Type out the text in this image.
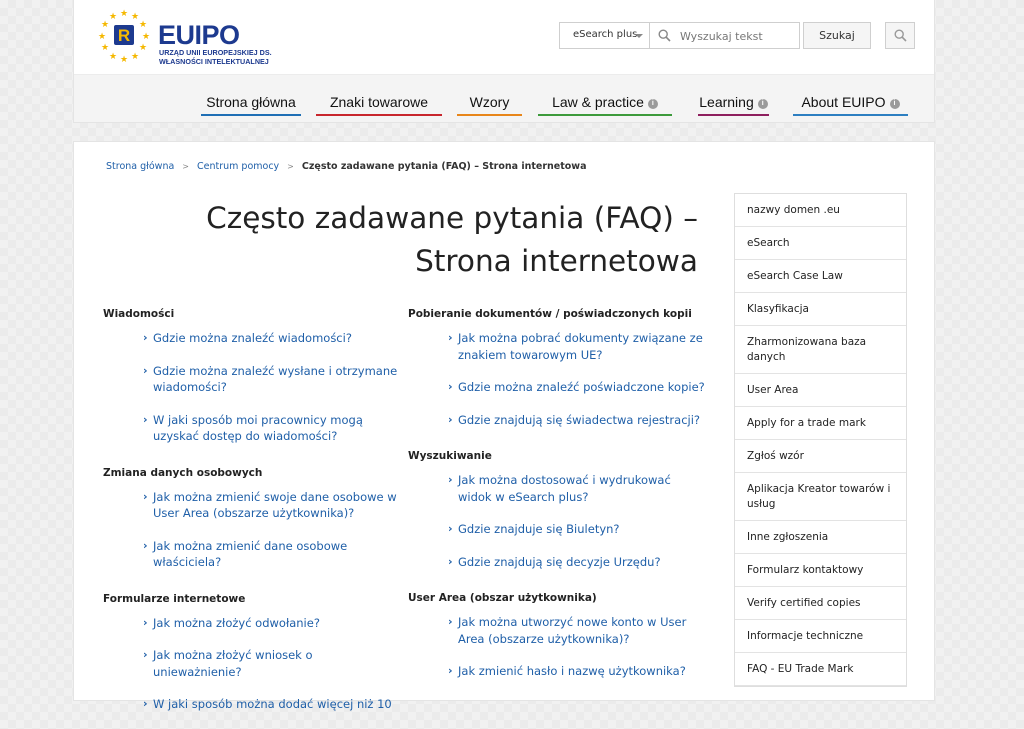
★ ★
★
★
★
★
★
★
★
★
★
★
R EUIPO
URZĄD UNII EUROPEJSKIEJ DS.
WŁASNOŚCI INTELEKTUALNEJ
eSearch plus
Wyszukaj tekst	Szukaj
Strona główna	Znaki towarowe	Wzory	Law & practice i	Learning i	About EUIPO i
Strona główna > Centrum pomocy > Często zadawane pytania (FAQ) – Strona internetowa
Często zadawane pytania (FAQ) –
Strona internetowa
Wiadomości
› Gdzie można znaleźć wiadomości?
› Gdzie można znaleźć wysłane i otrzymane wiadomości?
› W jaki sposób moi pracownicy mogą uzyskać dostęp do wiadomości?
Zmiana danych osobowych
› Jak można zmienić swoje dane osobowe w User Area (obszarze użytkownika)?
› Jak można zmienić dane osobowe właściciela?
Formularze internetowe
› Jak można złożyć odwołanie?
› Jak można złożyć wniosek o unieważnienie?
› W jaki sposób można dodać więcej niż 10
Pobieranie dokumentów / poświadczonych kopii
› Jak można pobrać dokumenty związane ze znakiem towarowym UE?
› Gdzie można znaleźć poświadczone kopie?
› Gdzie znajdują się świadectwa rejestracji?
Wyszukiwanie
› Jak można dostosować i wydrukować widok w eSearch plus?
› Gdzie znajduje się Biuletyn?
› Gdzie znajdują się decyzje Urzędu?
User Area (obszar użytkownika)
› Jak można utworzyć nowe konto w User Area (obszarze użytkownika)?
› Jak zmienić hasło i nazwę użytkownika?
nazwy domen .eu
eSearch
eSearch Case Law
Klasyfikacja
Zharmonizowana baza danych
User Area
Apply for a trade mark
Zgłoś wzór
Aplikacja Kreator towarów i usług
Inne zgłoszenia
Formularz kontaktowy
Verify certified copies
Informacje techniczne
FAQ - EU Trade Mark
